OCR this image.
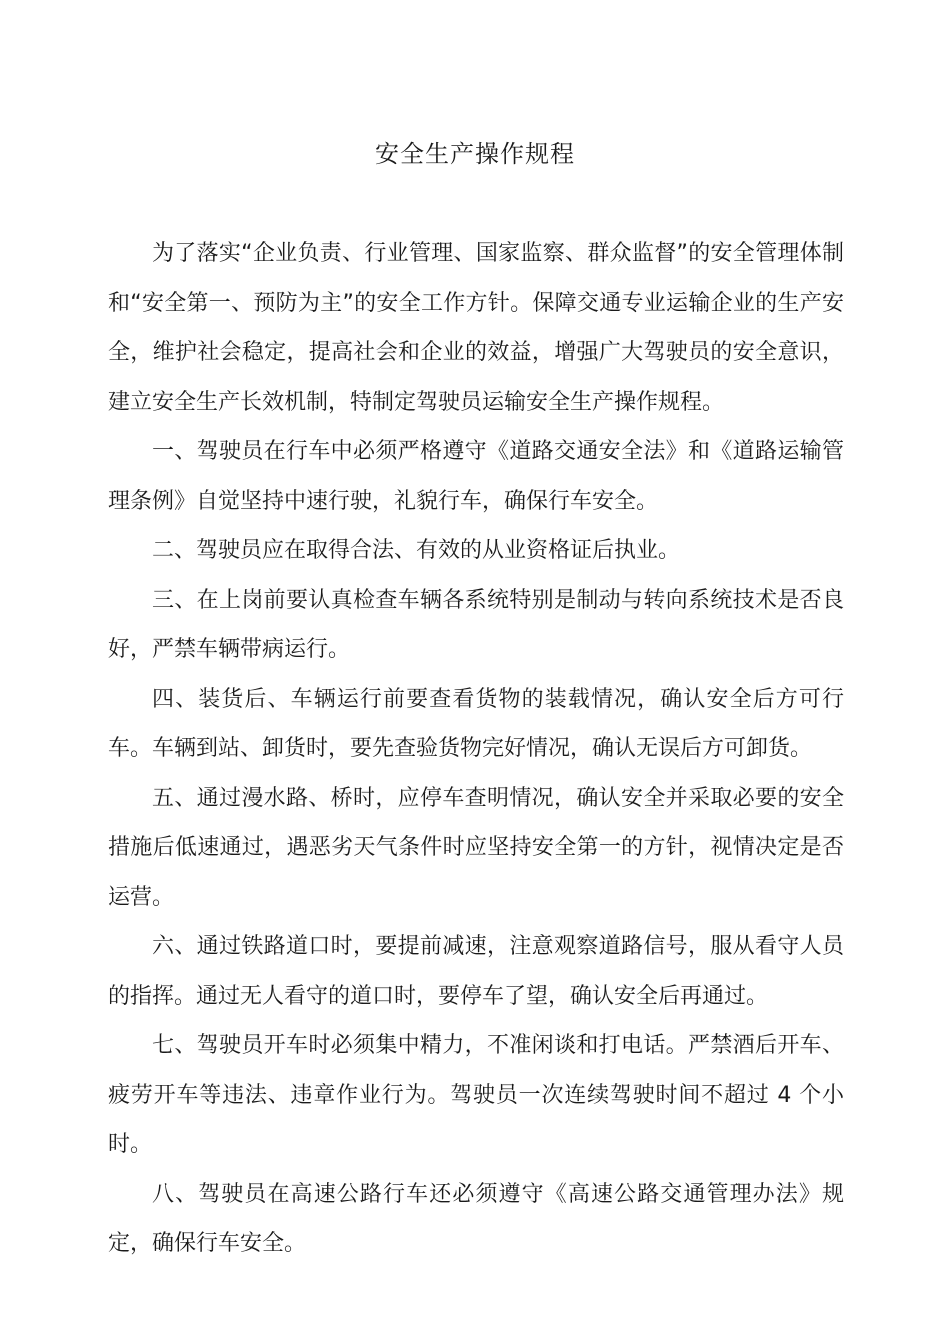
安全生产操作规程

为了落实“企业负责、行业管理、国家监察、群众监督”的安全管理体制和“安全第一、预防为主”的安全工作方针。保障交通专业运输企业的生产安全，维护社会稳定，提高社会和企业的效益，增强广大驾驶员的安全意识，建立安全生产长效机制，特制定驾驶员运输安全生产操作规程。

一、驾驶员在行车中必须严格遵守《道路交通安全法》和《道路运输管理条例》自觉坚持中速行驶，礼貌行车，确保行车安全。

二、驾驶员应在取得合法、有效的从业资格证后执业。

三、在上岗前要认真检查车辆各系统特别是制动与转向系统技术是否良好，严禁车辆带病运行。

四、装货后、车辆运行前要查看货物的装载情况，确认安全后方可行车。车辆到站、卸货时，要先查验货物完好情况，确认无误后方可卸货。

五、通过漫水路、桥时，应停车查明情况，确认安全并采取必要的安全措施后低速通过，遇恶劣天气条件时应坚持安全第一的方针，视情决定是否运营。

六、通过铁路道口时，要提前减速，注意观察道路信号，服从看守人员的指挥。通过无人看守的道口时，要停车了望，确认安全后再通过。

七、驾驶员开车时必须集中精力，不准闲谈和打电话。严禁酒后开车、疲劳开车等违法、违章作业行为。驾驶员一次连续驾驶时间不超过 4 个小时。

八、驾驶员在高速公路行车还必须遵守《高速公路交通管理办法》规定，确保行车安全。
